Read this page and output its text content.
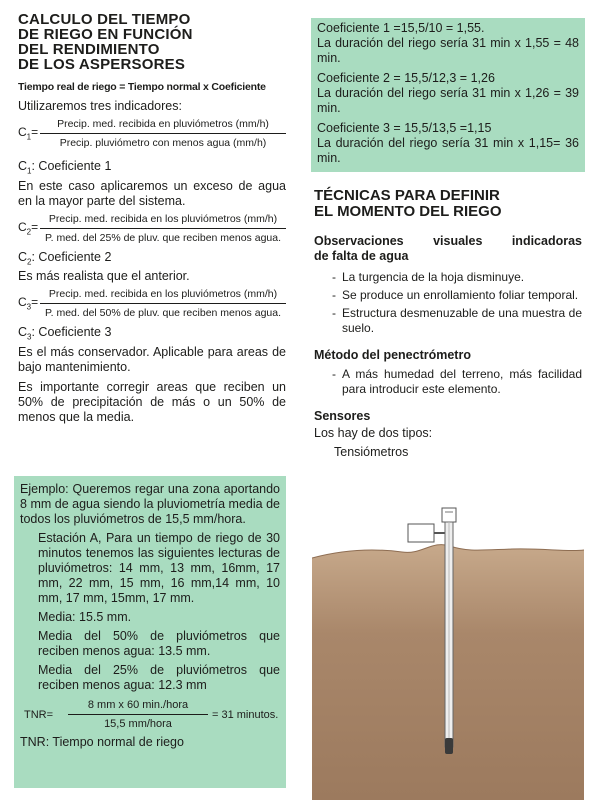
CALCULO DEL TIEMPO
DE RIEGO EN FUNCIÓN
DEL RENDIMIENTO
DE LOS ASPERSORES
Tiempo real de riego = Tiempo normal x Coeficiente

Utilizaremos tres indicadores:

$C_1= \frac{\text{Precip. med. recibida en pluviómetros (mm/h)}}{\text{Precip. pluviómetro con menos agua (mm/h)}}$

$C_1$: Coeficiente 1

En este caso aplicaremos un exceso de agua en la mayor parte del sistema.

$C_2= \frac{\text{Precip. med. recibida en los pluviómetros (mm/h)}}{\text{P. med. del 25\% de pluv. que reciben menos agua.}}$

$C_2$: Coeficiente 2

Es más realista que el anterior.

$C_3= \frac{\text{Precip. med. recibida en los pluviómetros (mm/h)}}{\text{P. med. del 50\% de pluv. que reciben menos agua.}}$

$C_3$: Coeficiente 3

Es el más conservador. Aplicable para areas de bajo mantenimiento.

Es importante corregir areas que reciben un 50% de precipitación de más o un 50% de menos que la media.

Ejemplo: Queremos regar una zona aportando 8 mm de agua siendo la pluviometría media de todos los pluviómetros de 15,5 mm/hora.

Estación A, Para un tiempo de riego de 30 minutos tenemos las siguientes lecturas de pluviómetros: 14 mm, 13 mm, 16mm, 17 mm, 22 mm, 15 mm, 16 mm,14 mm, 10 mm, 17 mm, 15mm, 17 mm.

Media: 15.5 mm.

Media del 50% de pluviómetros que reciben menos agua: 13.5 mm.

Media del 25% de pluviómetros que reciben menos agua: 12.3 mm

TNR=	$\frac{\text{8 mm x 60 min./hora}}{\text{15,5 mm/hora}} = 31$ minutos.

TNR: Tiempo normal de riego

Coeficiente 1 =15,5/10 = 1,55.

La duración del riego sería 31 min x 1,55 = 48 min.

Coeficiente 2 = 15,5/12,3 = 1,26

La duración del riego sería 31 min x 1,26 = 39 min.

Coeficiente 3 = 15,5/13,5 =1,15

La duración del riego sería 31 min x 1,15= 36 min.

TÉCNICAS PARA DEFINIR
EL MOMENTO DEL RIEGO
Observaciones visuales indicadoras
de falta de agua
- La turgencia de la hoja disminuye.
- Se produce un enrollamiento foliar temporal.
- Estructura desmenuzable de una muestra de suelo.
Método del penectrómetro
- A más humedad del terreno, más facilidad para introducir este elemento.
Sensores

Los hay de dos tipos:

Tensiómetros
